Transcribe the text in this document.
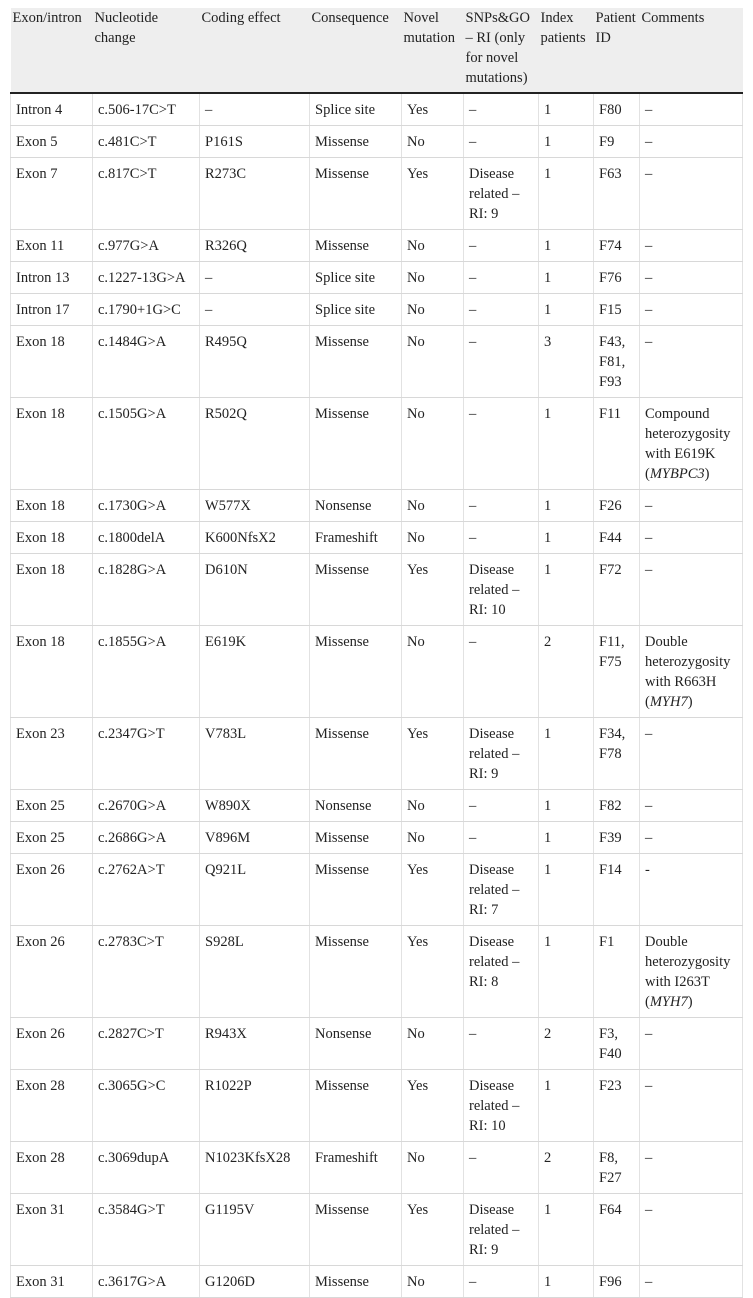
Exon/intron	Nucleotide change	Coding effect	Consequence	Novel mutation	SNPs&GO – RI (only for novel mutations)	Index patients	Patient ID	Comments
Intron 4	c.506-17C>T	–	Splice site	Yes	–	1	F80	–
Exon 5	c.481C>T	P161S	Missense	No	–	1	F9	–
Exon 7	c.817C>T	R273C	Missense	Yes	Disease related – RI: 9	1	F63	–
Exon 11	c.977G>A	R326Q	Missense	No	–	1	F74	–
Intron 13	c.1227-13G>A	–	Splice site	No	–	1	F76	–
Intron 17	c.1790+1G>C	–	Splice site	No	–	1	F15	–
Exon 18	c.1484G>A	R495Q	Missense	No	–	3	F43, F81, F93	–
Exon 18	c.1505G>A	R502Q	Missense	No	–	1	F11	Compound heterozygosity with E619K (MYBPC3)
Exon 18	c.1730G>A	W577X	Nonsense	No	–	1	F26	–
Exon 18	c.1800delA	K600NfsX2	Frameshift	No	–	1	F44	–
Exon 18	c.1828G>A	D610N	Missense	Yes	Disease related – RI: 10	1	F72	–
Exon 18	c.1855G>A	E619K	Missense	No	–	2	F11, F75	Double heterozygosity with R663H (MYH7)
Exon 23	c.2347G>T	V783L	Missense	Yes	Disease related – RI: 9	1	F34, F78	–
Exon 25	c.2670G>A	W890X	Nonsense	No	–	1	F82	–
Exon 25	c.2686G>A	V896M	Missense	No	–	1	F39	–
Exon 26	c.2762A>T	Q921L	Missense	Yes	Disease related – RI: 7	1	F14	-
Exon 26	c.2783C>T	S928L	Missense	Yes	Disease related – RI: 8	1	F1	Double heterozygosity with I263T (MYH7)
Exon 26	c.2827C>T	R943X	Nonsense	No	–	2	F3, F40	–
Exon 28	c.3065G>C	R1022P	Missense	Yes	Disease related – RI: 10	1	F23	–
Exon 28	c.3069dupA	N1023KfsX28	Frameshift	No	–	2	F8, F27	–
Exon 31	c.3584G>T	G1195V	Missense	Yes	Disease related – RI: 9	1	F64	–
Exon 31	c.3617G>A	G1206D	Missense	No	–	1	F96	–
